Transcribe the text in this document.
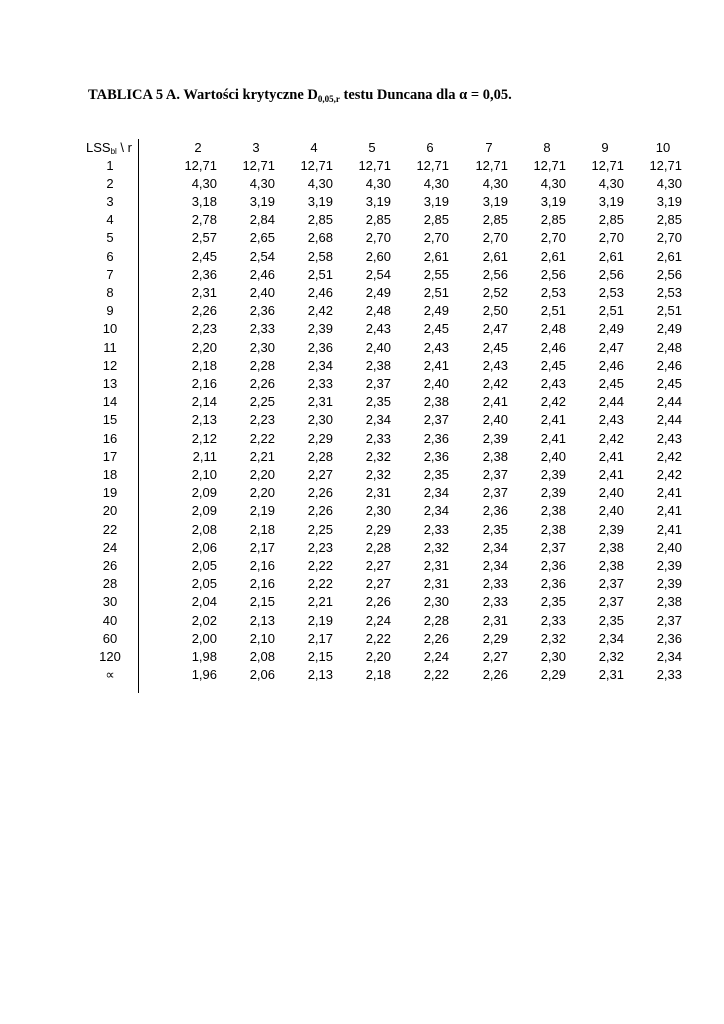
TABLICA 5 A. Wartości krytyczne $D_{0,05,r}$ testu Duncana dla α = 0,05.
$LSS_{bl}$ \ r	2	3	4	5	6	7	8	9	10
1	12,71	12,71	12,71	12,71	12,71	12,71	12,71	12,71	12,71
2	4,30	4,30	4,30	4,30	4,30	4,30	4,30	4,30	4,30
3	3,18	3,19	3,19	3,19	3,19	3,19	3,19	3,19	3,19
4	2,78	2,84	2,85	2,85	2,85	2,85	2,85	2,85	2,85
5	2,57	2,65	2,68	2,70	2,70	2,70	2,70	2,70	2,70
6	2,45	2,54	2,58	2,60	2,61	2,61	2,61	2,61	2,61
7	2,36	2,46	2,51	2,54	2,55	2,56	2,56	2,56	2,56
8	2,31	2,40	2,46	2,49	2,51	2,52	2,53	2,53	2,53
9	2,26	2,36	2,42	2,48	2,49	2,50	2,51	2,51	2,51
10	2,23	2,33	2,39	2,43	2,45	2,47	2,48	2,49	2,49
11	2,20	2,30	2,36	2,40	2,43	2,45	2,46	2,47	2,48
12	2,18	2,28	2,34	2,38	2,41	2,43	2,45	2,46	2,46
13	2,16	2,26	2,33	2,37	2,40	2,42	2,43	2,45	2,45
14	2,14	2,25	2,31	2,35	2,38	2,41	2,42	2,44	2,44
15	2,13	2,23	2,30	2,34	2,37	2,40	2,41	2,43	2,44
16	2,12	2,22	2,29	2,33	2,36	2,39	2,41	2,42	2,43
17	2,11	2,21	2,28	2,32	2,36	2,38	2,40	2,41	2,42
18	2,10	2,20	2,27	2,32	2,35	2,37	2,39	2,41	2,42
19	2,09	2,20	2,26	2,31	2,34	2,37	2,39	2,40	2,41
20	2,09	2,19	2,26	2,30	2,34	2,36	2,38	2,40	2,41
22	2,08	2,18	2,25	2,29	2,33	2,35	2,38	2,39	2,41
24	2,06	2,17	2,23	2,28	2,32	2,34	2,37	2,38	2,40
26	2,05	2,16	2,22	2,27	2,31	2,34	2,36	2,38	2,39
28	2,05	2,16	2,22	2,27	2,31	2,33	2,36	2,37	2,39
30	2,04	2,15	2,21	2,26	2,30	2,33	2,35	2,37	2,38
40	2,02	2,13	2,19	2,24	2,28	2,31	2,33	2,35	2,37
60	2,00	2,10	2,17	2,22	2,26	2,29	2,32	2,34	2,36
120	1,98	2,08	2,15	2,20	2,24	2,27	2,30	2,32	2,34
∝	1,96	2,06	2,13	2,18	2,22	2,26	2,29	2,31	2,33
